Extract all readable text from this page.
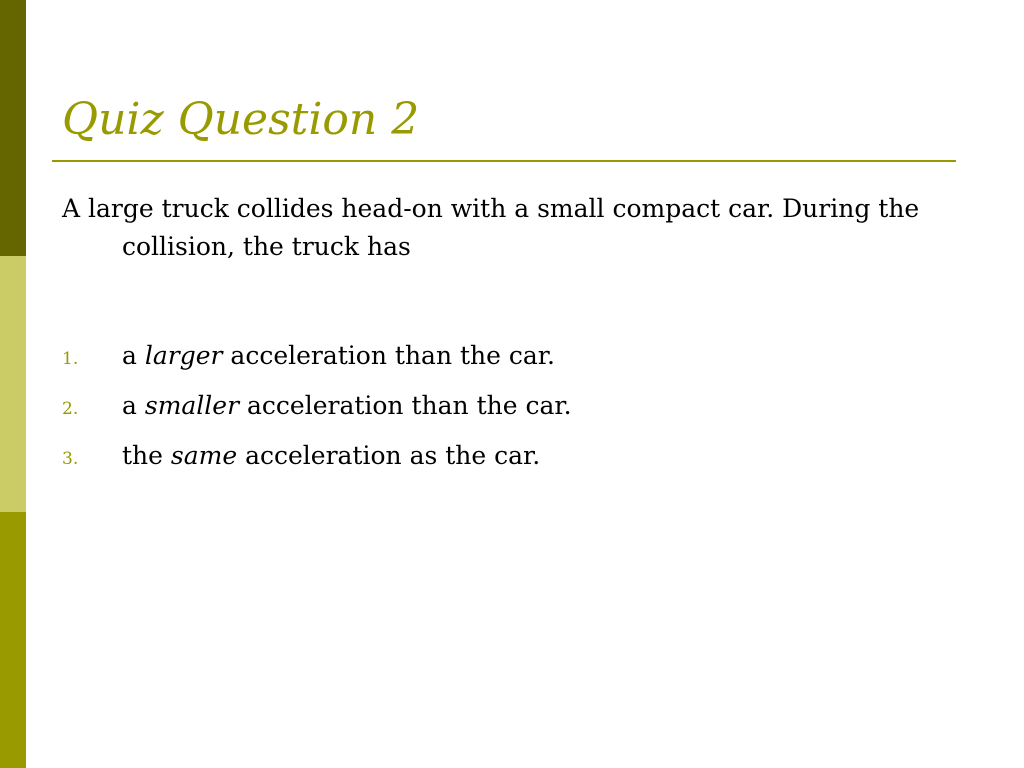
Quiz Question 2

A large truck collides head-on with a small compact car. During the collision, the truck has

1. a larger acceleration than the car.
2. a smaller acceleration than the car.
3. the same acceleration as the car.
